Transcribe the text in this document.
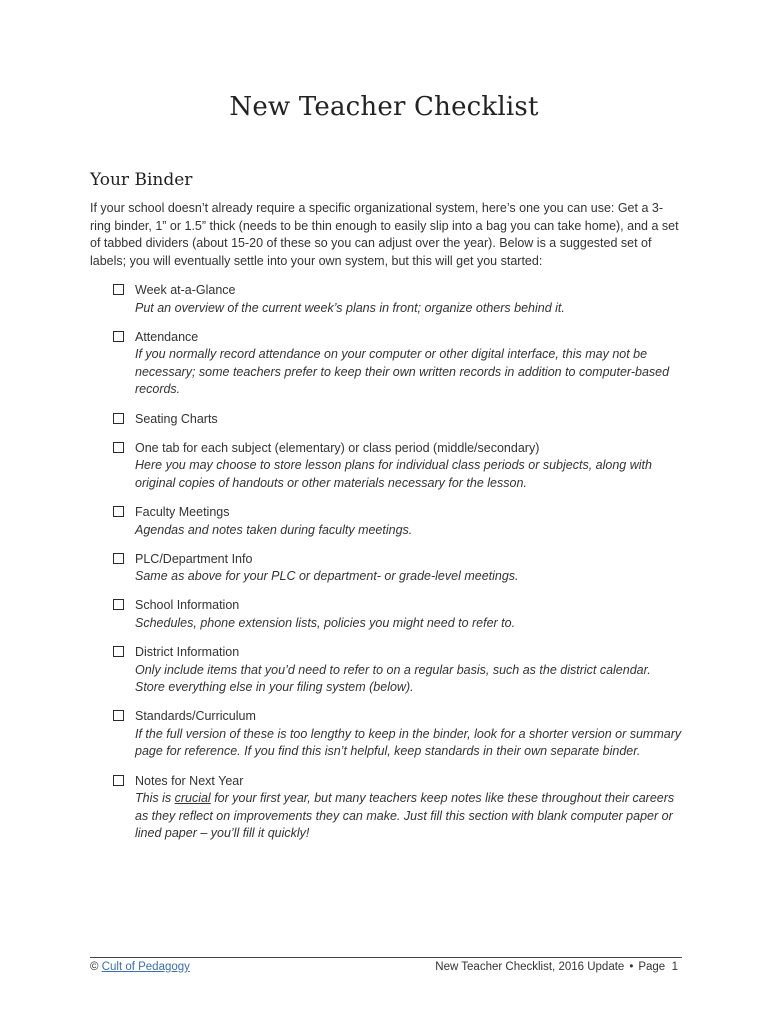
New Teacher Checklist
Your Binder

If your school doesn’t already require a specific organizational system, here’s one you can use: Get a 3-ring binder, 1” or 1.5” thick (needs to be thin enough to easily slip into a bag you can take home), and a set of tabbed dividers (about 15-20 of these so you can adjust over the year). Below is a suggested set of labels; you will eventually settle into your own system, but this will get you started:

Week at-a-Glance
Put an overview of the current week’s plans in front; organize others behind it.
Attendance
If you normally record attendance on your computer or other digital interface, this may not be necessary; some teachers prefer to keep their own written records in addition to computer-based records.
Seating Charts
One tab for each subject (elementary) or class period (middle/secondary)
Here you may choose to store lesson plans for individual class periods or subjects, along with original copies of handouts or other materials necessary for the lesson.
Faculty Meetings
Agendas and notes taken during faculty meetings.
PLC/Department Info
Same as above for your PLC or department- or grade-level meetings.
School Information
Schedules, phone extension lists, policies you might need to refer to.
District Information
Only include items that you’d need to refer to on a regular basis, such as the district calendar. Store everything else in your filing system (below).
Standards/Curriculum
If the full version of these is too lengthy to keep in the binder, look for a shorter version or summary page for reference. If you find this isn’t helpful, keep standards in their own separate binder.
Notes for Next Year
This is crucial for your first year, but many teachers keep notes like these throughout their careers as they reflect on improvements they can make. Just fill this section with blank computer paper or lined paper – you’ll fill it quickly!
© Cult of Pedagogy	New Teacher Checklist, 2016 Update • Page 1
